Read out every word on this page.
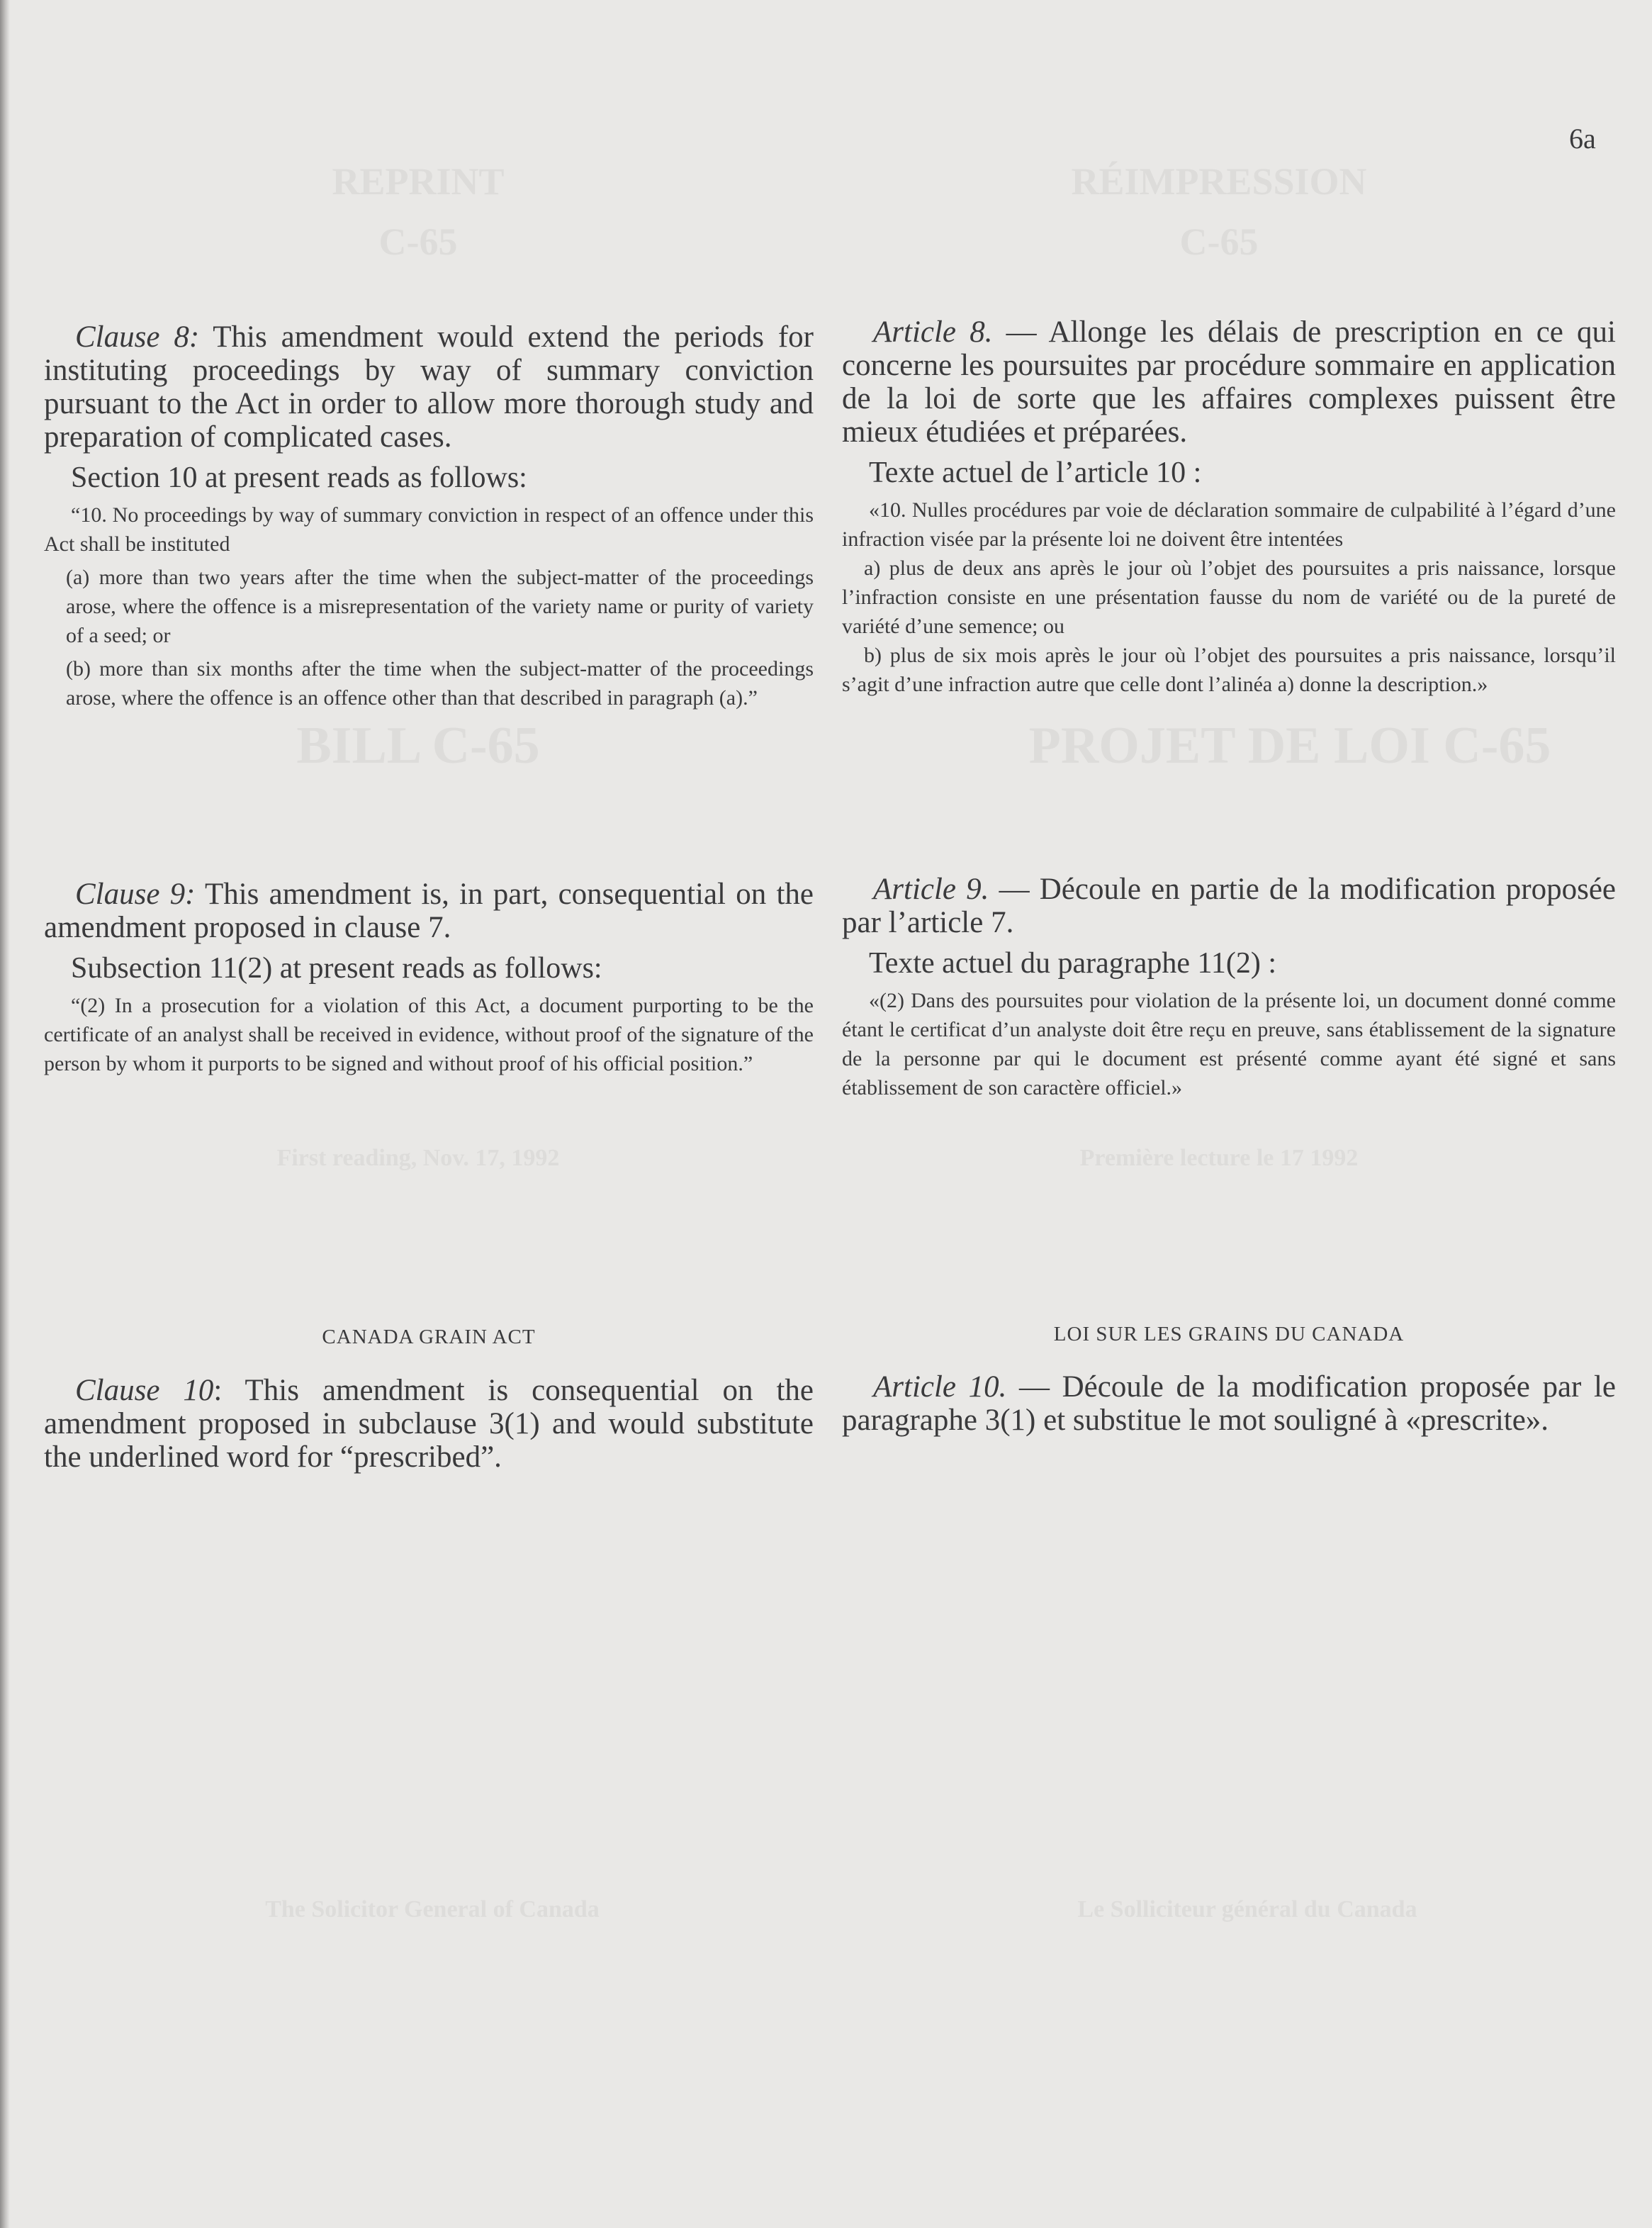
REPRINT
C-65
RÉIMPRESSION
C-65
BILL C-65	PROJET DE LOI C-65
First reading, Nov. 17, 1992	Première lecture le 17 1992
The Solicitor General of Canada	Le Solliciteur général du Canada
6a

Clause 8: This amendment would extend the periods for instituting proceedings by way of summary conviction pursuant to the Act in order to allow more thorough study and preparation of complicated cases.

Section 10 at present reads as follows:

“10. No proceedings by way of summary conviction in respect of an offence under this Act shall be instituted

(a) more than two years after the time when the subject-matter of the proceedings arose, where the offence is a misrepresentation of the variety name or purity of variety of a seed; or

(b) more than six months after the time when the subject-matter of the proceedings arose, where the offence is an offence other than that described in paragraph (a).”

Article 8. — Allonge les délais de prescription en ce qui concerne les poursuites par procédure sommaire en application de la loi de sorte que les affaires complexes puissent être mieux étudiées et préparées.

Texte actuel de l’article 10 :

«10. Nulles procédures par voie de déclaration sommaire de culpabilité à l’égard d’une infraction visée par la présente loi ne doivent être intentées

a) plus de deux ans après le jour où l’objet des poursuites a pris naissance, lorsque l’infraction consiste en une présentation fausse du nom de variété ou de la pureté de variété d’une semence; ou

b) plus de six mois après le jour où l’objet des poursuites a pris naissance, lorsqu’il s’agit d’une infraction autre que celle dont l’alinéa a) donne la description.»

Clause 9: This amendment is, in part, consequential on the amendment proposed in clause 7.

Subsection 11(2) at present reads as follows:

“(2) In a prosecution for a violation of this Act, a document purporting to be the certificate of an analyst shall be received in evidence, without proof of the signature of the person by whom it purports to be signed and without proof of his official position.”

Article 9. — Découle en partie de la modification proposée par l’article 7.

Texte actuel du paragraphe 11(2) :

«(2) Dans des poursuites pour violation de la présente loi, un document donné comme étant le certificat d’un analyste doit être reçu en preuve, sans établissement de la signature de la personne par qui le document est présenté comme ayant été signé et sans établissement de son caractère officiel.»

CANADA GRAIN ACT	LOI SUR LES GRAINS DU CANADA

Clause 10: This amendment is consequential on the amendment proposed in subclause 3(1) and would substitute the underlined word for “prescribed”.

Article 10. — Découle de la modification proposée par le paragraphe 3(1) et substitue le mot souligné à «prescrite».
